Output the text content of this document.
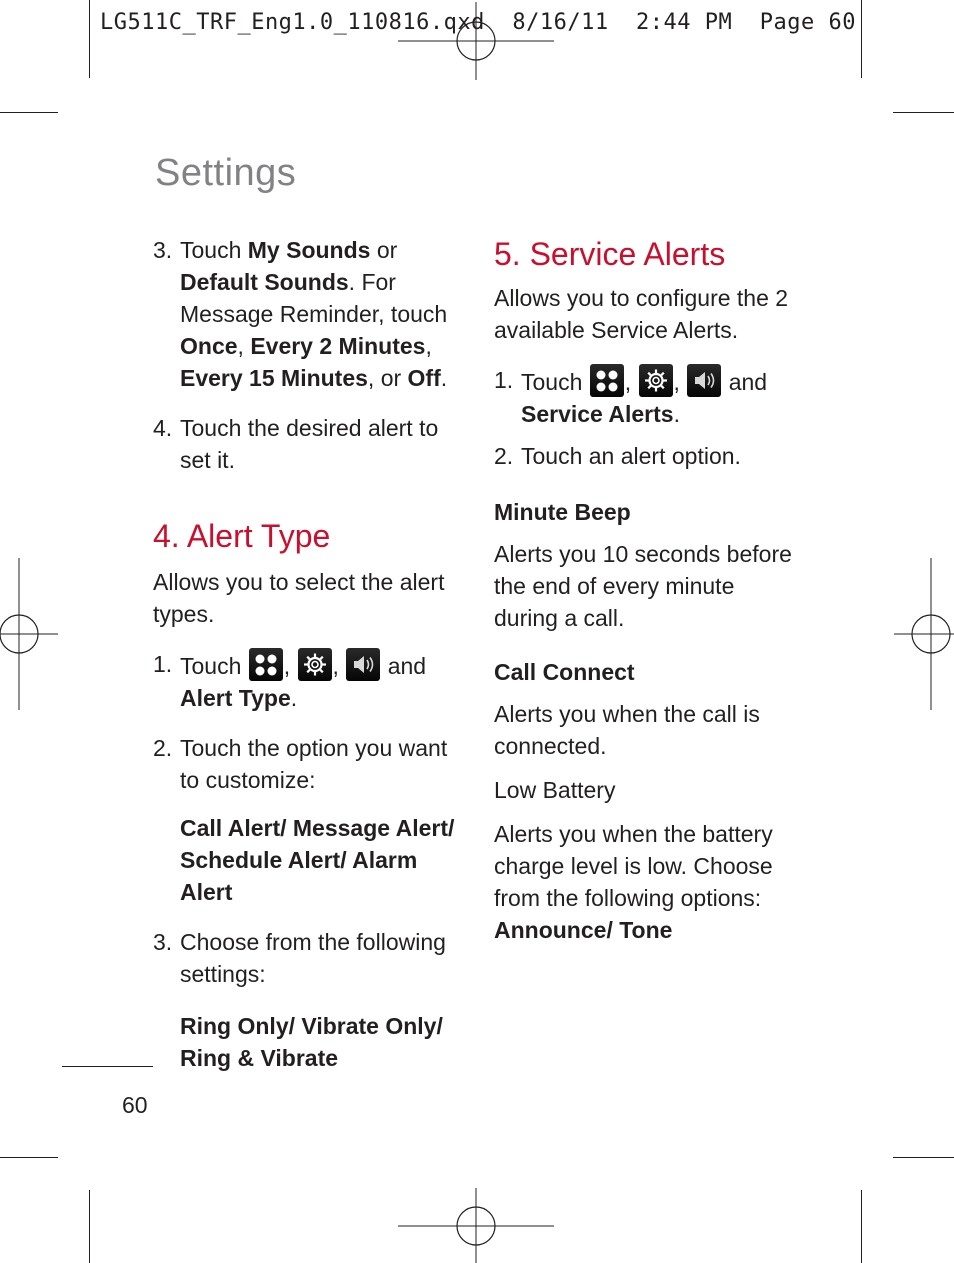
LG511C_TRF_Eng1.0_110816.qxd  8/16/11  2:44 PM  Page 60
Settings
3. Touch My Sounds or Default Sounds. For Message Reminder, touch Once, Every 2 Minutes, Every 15 Minutes, or Off.

4. Touch the desired alert to set it.

4. Alert Type

Allows you to select the alert types.

1. Touch
, ,
and
Alert Type.

2. Touch the option you want to customize:

Call Alert/ Message Alert/ Schedule Alert/ Alarm Alert

3. Choose from the following settings:

Ring Only/ Vibrate Only/ Ring & Vibrate

5. Service Alerts

Allows you to configure the 2 available Service Alerts.

1. Touch
, ,
and
Service Alerts.

2. Touch an alert option.

Minute Beep

Alerts you 10 seconds before the end of every minute during a call.

Call Connect

Alerts you when the call is connected.

Low Battery

Alerts you when the battery charge level is low. Choose from the following options:

Announce/ Tone

60
